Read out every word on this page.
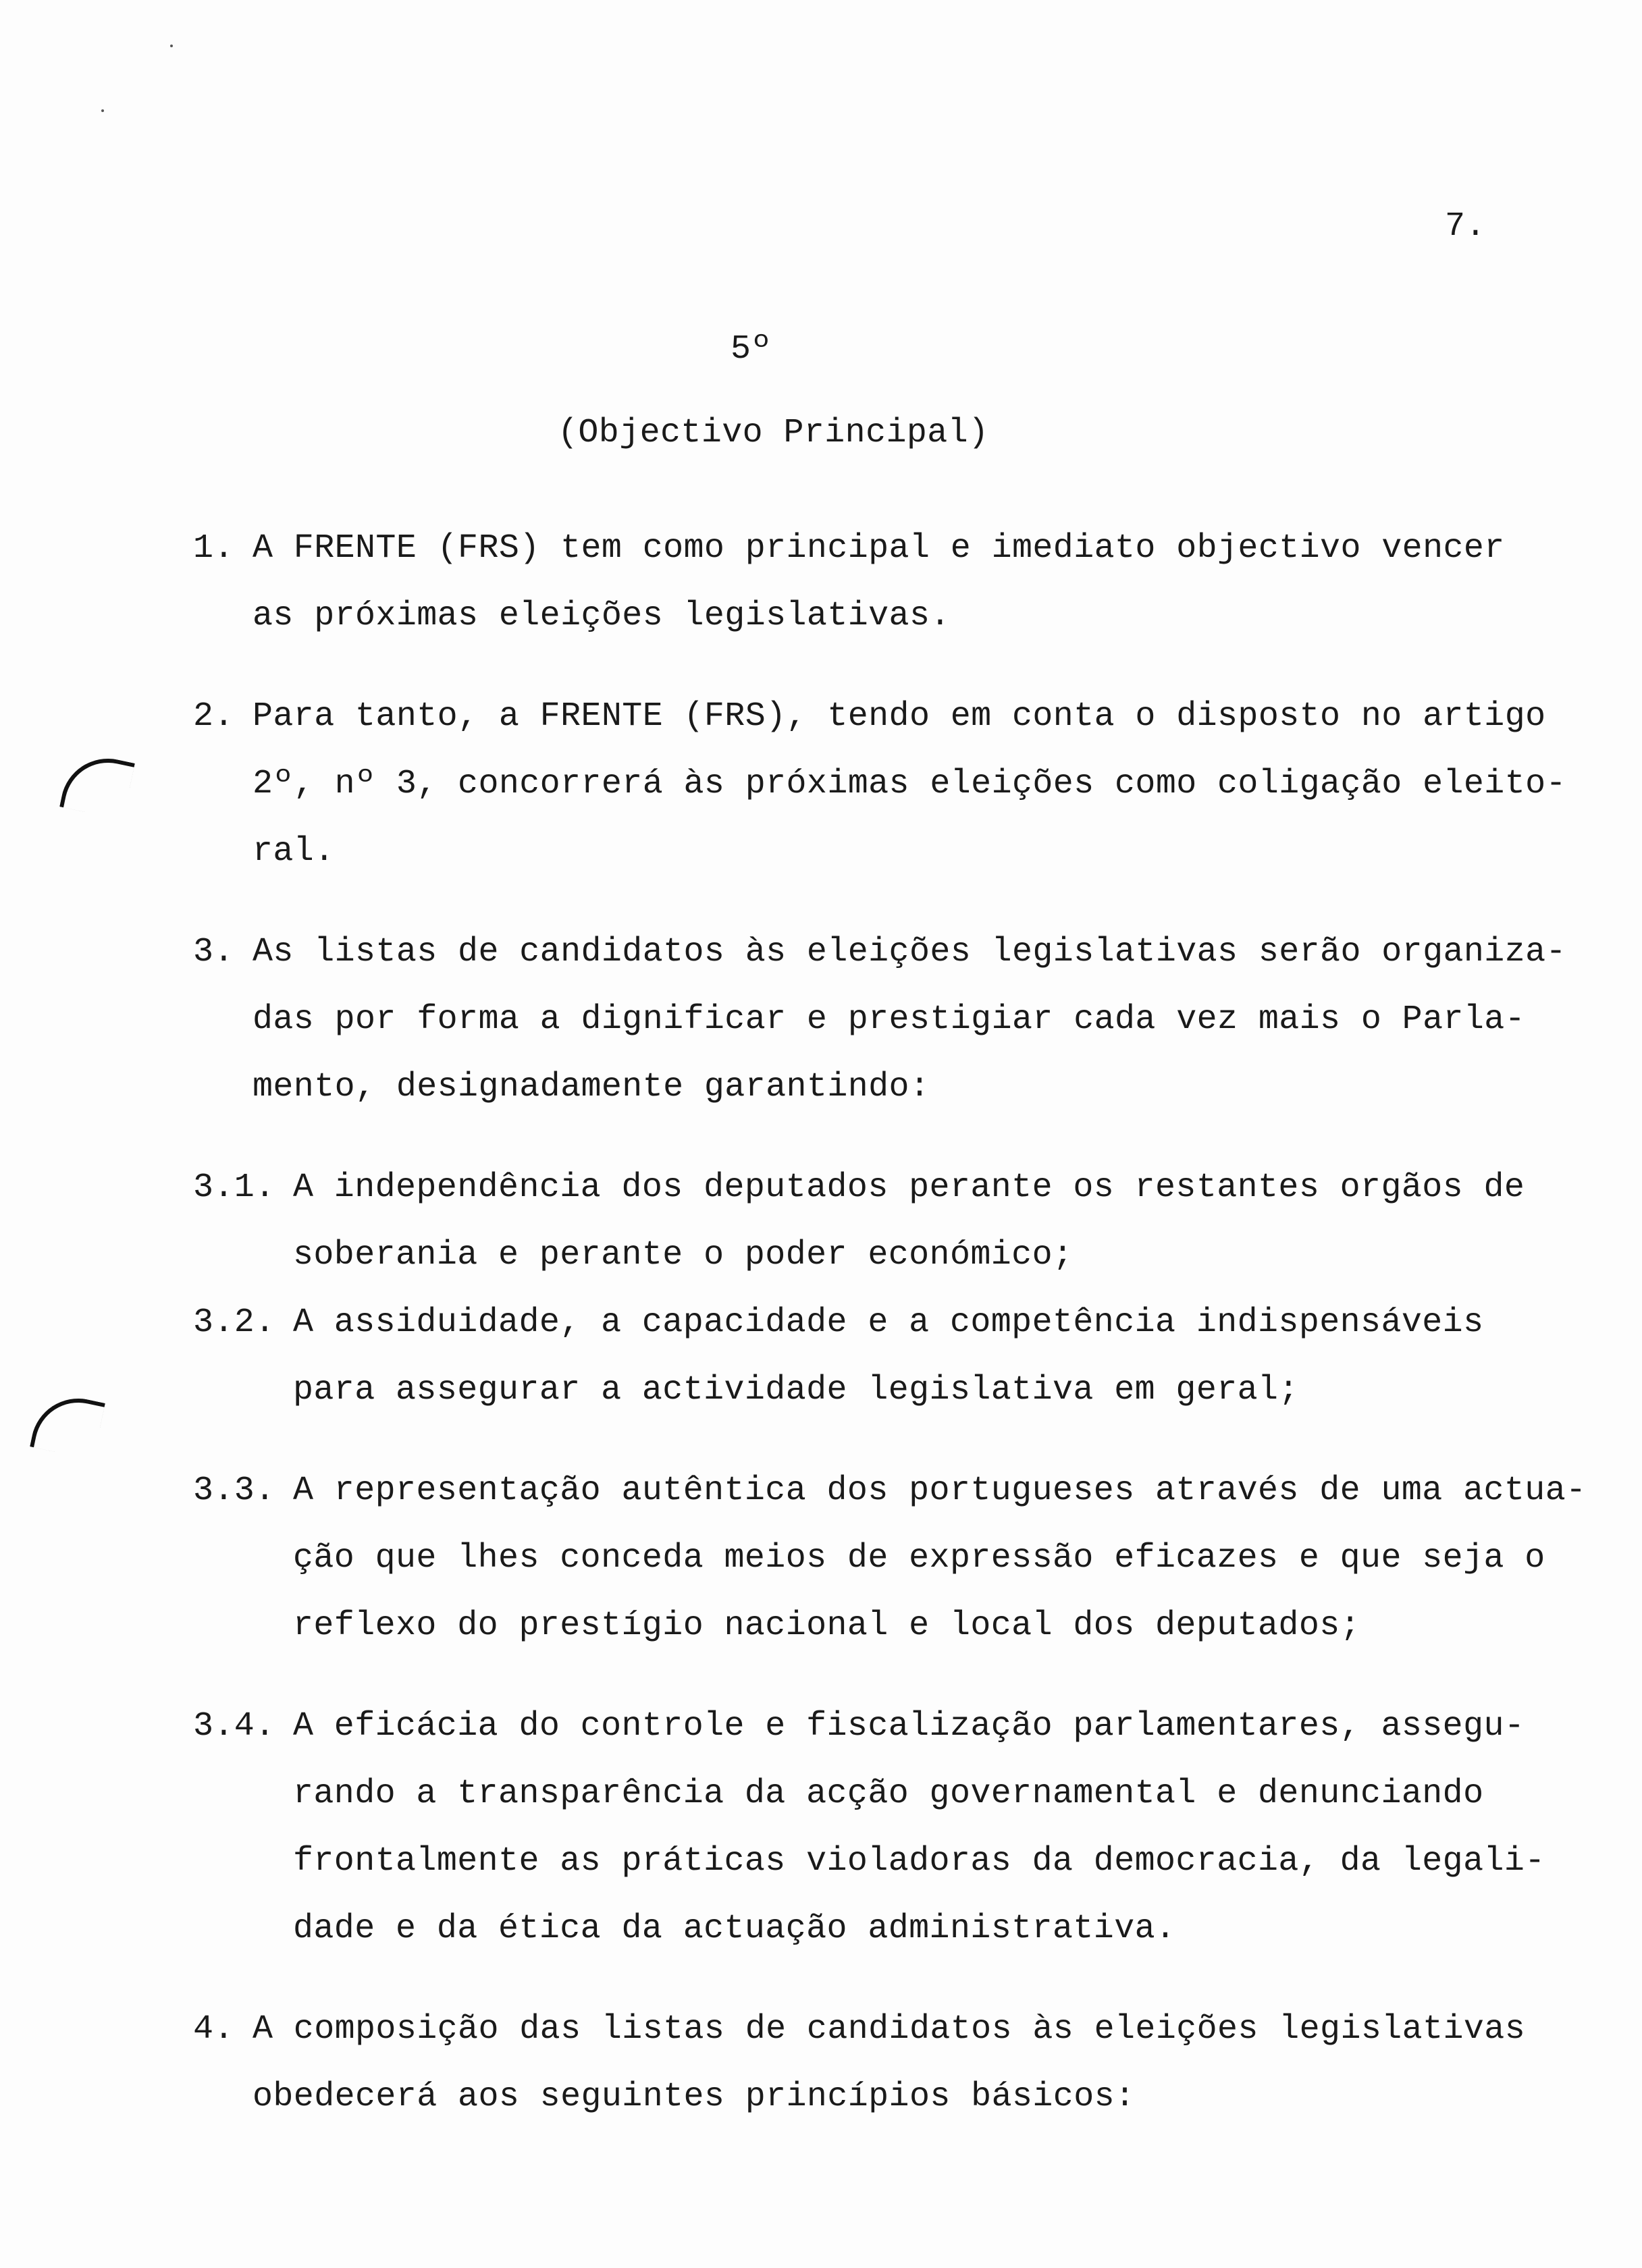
7.
5º
(Objectivo Principal)
1. A FRENTE (FRS) tem como principal e imediato objectivo vencer
as próximas eleições legislativas.
2. Para tanto, a FRENTE (FRS), tendo em conta o disposto no artigo
2º, nº 3, concorrerá às próximas eleições como coligação eleito-
ral.
3. As listas de candidatos às eleições legislativas serão organiza-
das por forma a dignificar e prestigiar cada vez mais o Parla-
mento, designadamente garantindo:
3.1. A independência dos deputados perante os restantes orgãos de
soberania e perante o poder económico;
3.2. A assiduidade, a capacidade e a competência indispensáveis
para assegurar a actividade legislativa em geral;
3.3. A representação autêntica dos portugueses através de uma actua-
ção que lhes conceda meios de expressão eficazes e que seja o
reflexo do prestígio nacional e local dos deputados;
3.4. A eficácia do controle e fiscalização parlamentares, assegu-
rando a transparência da acção governamental e denunciando
frontalmente as práticas violadoras da democracia, da legali-
dade e da ética da actuação administrativa.
4. A composição das listas de candidatos às eleições legislativas
obedecerá aos seguintes princípios básicos:
